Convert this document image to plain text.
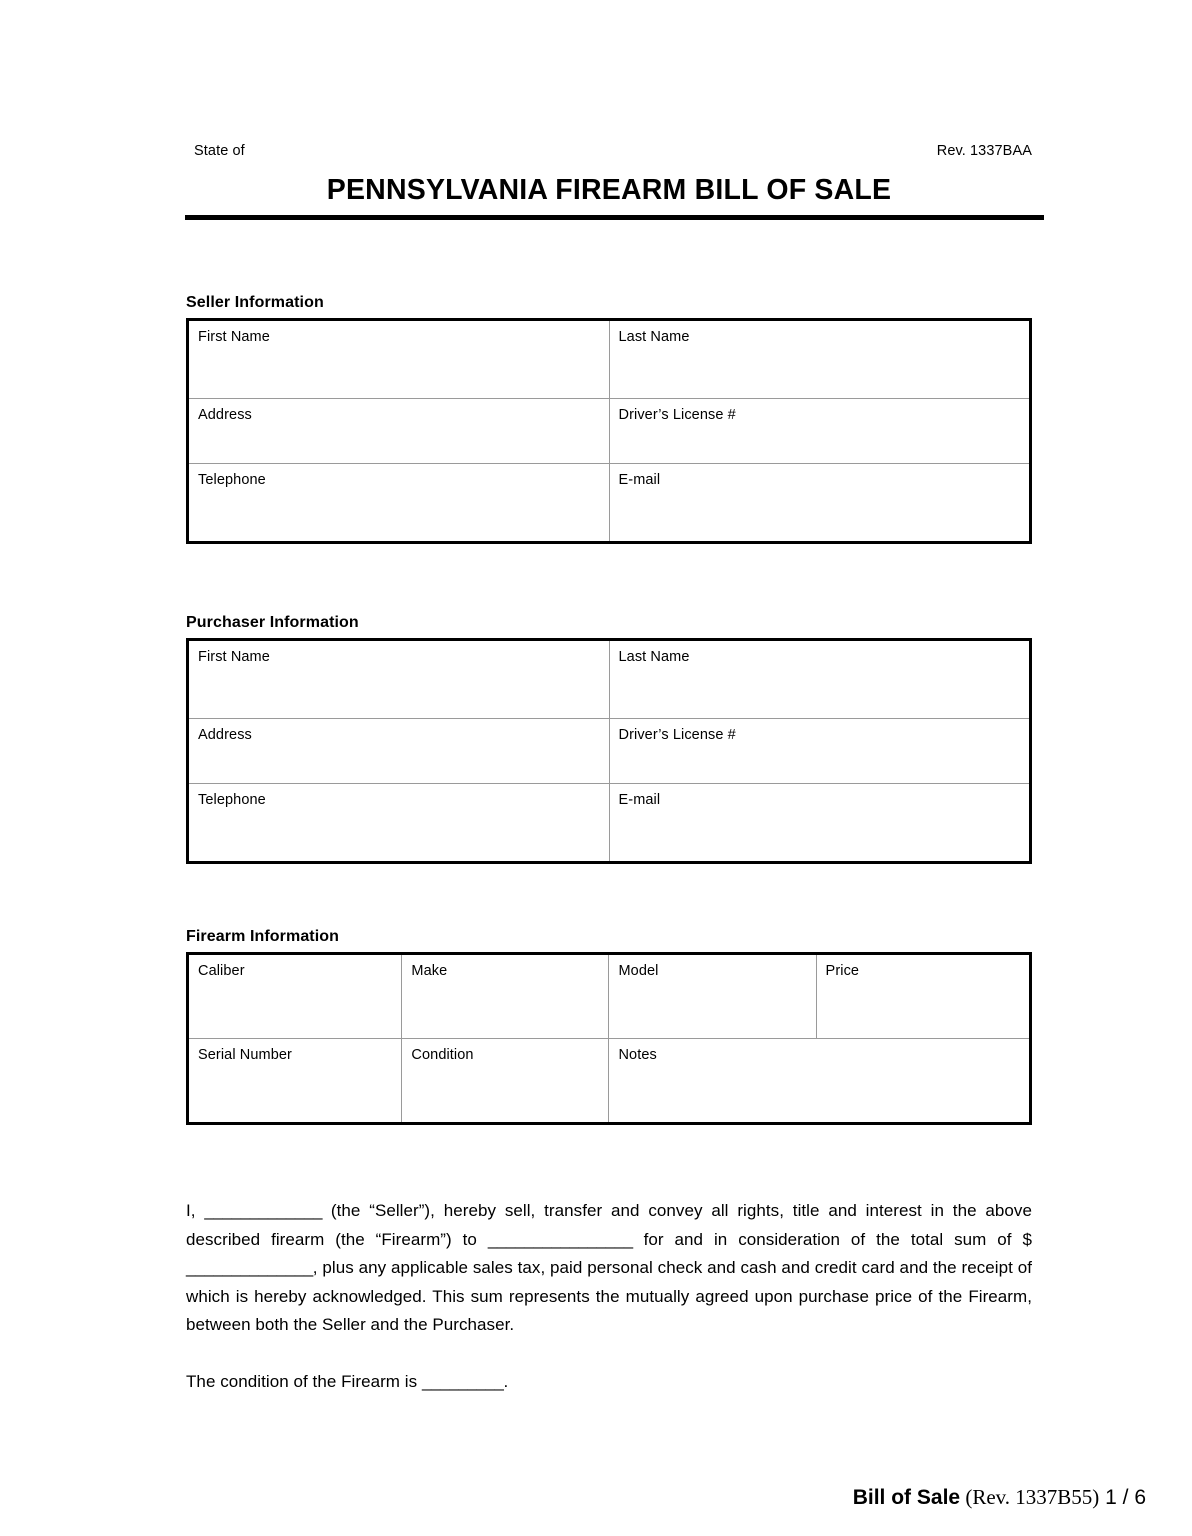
State of	Rev. 1337BAA
PENNSYLVANIA FIREARM BILL OF SALE
Seller Information
First Name	Last Name
Address	Driver’s License #
Telephone	E-mail
Purchaser Information
First Name	Last Name
Address	Driver’s License #
Telephone	E-mail
Firearm Information
Caliber	Make	Model	Price
Serial Number	Condition	Notes	

I, _____________ (the “Seller”), hereby sell, transfer and convey all rights, title and interest in the above described firearm (the “Firearm”) to ________________ for and in consideration of the total sum of $ ______________, plus any applicable sales tax, paid personal check and cash and credit card and the receipt of which is hereby acknowledged. This sum represents the mutually agreed upon purchase price of the Firearm, between both the Seller and the Purchaser.

The condition of the Firearm is _________.

Bill of Sale (Rev. 1337B55) 1 / 6
